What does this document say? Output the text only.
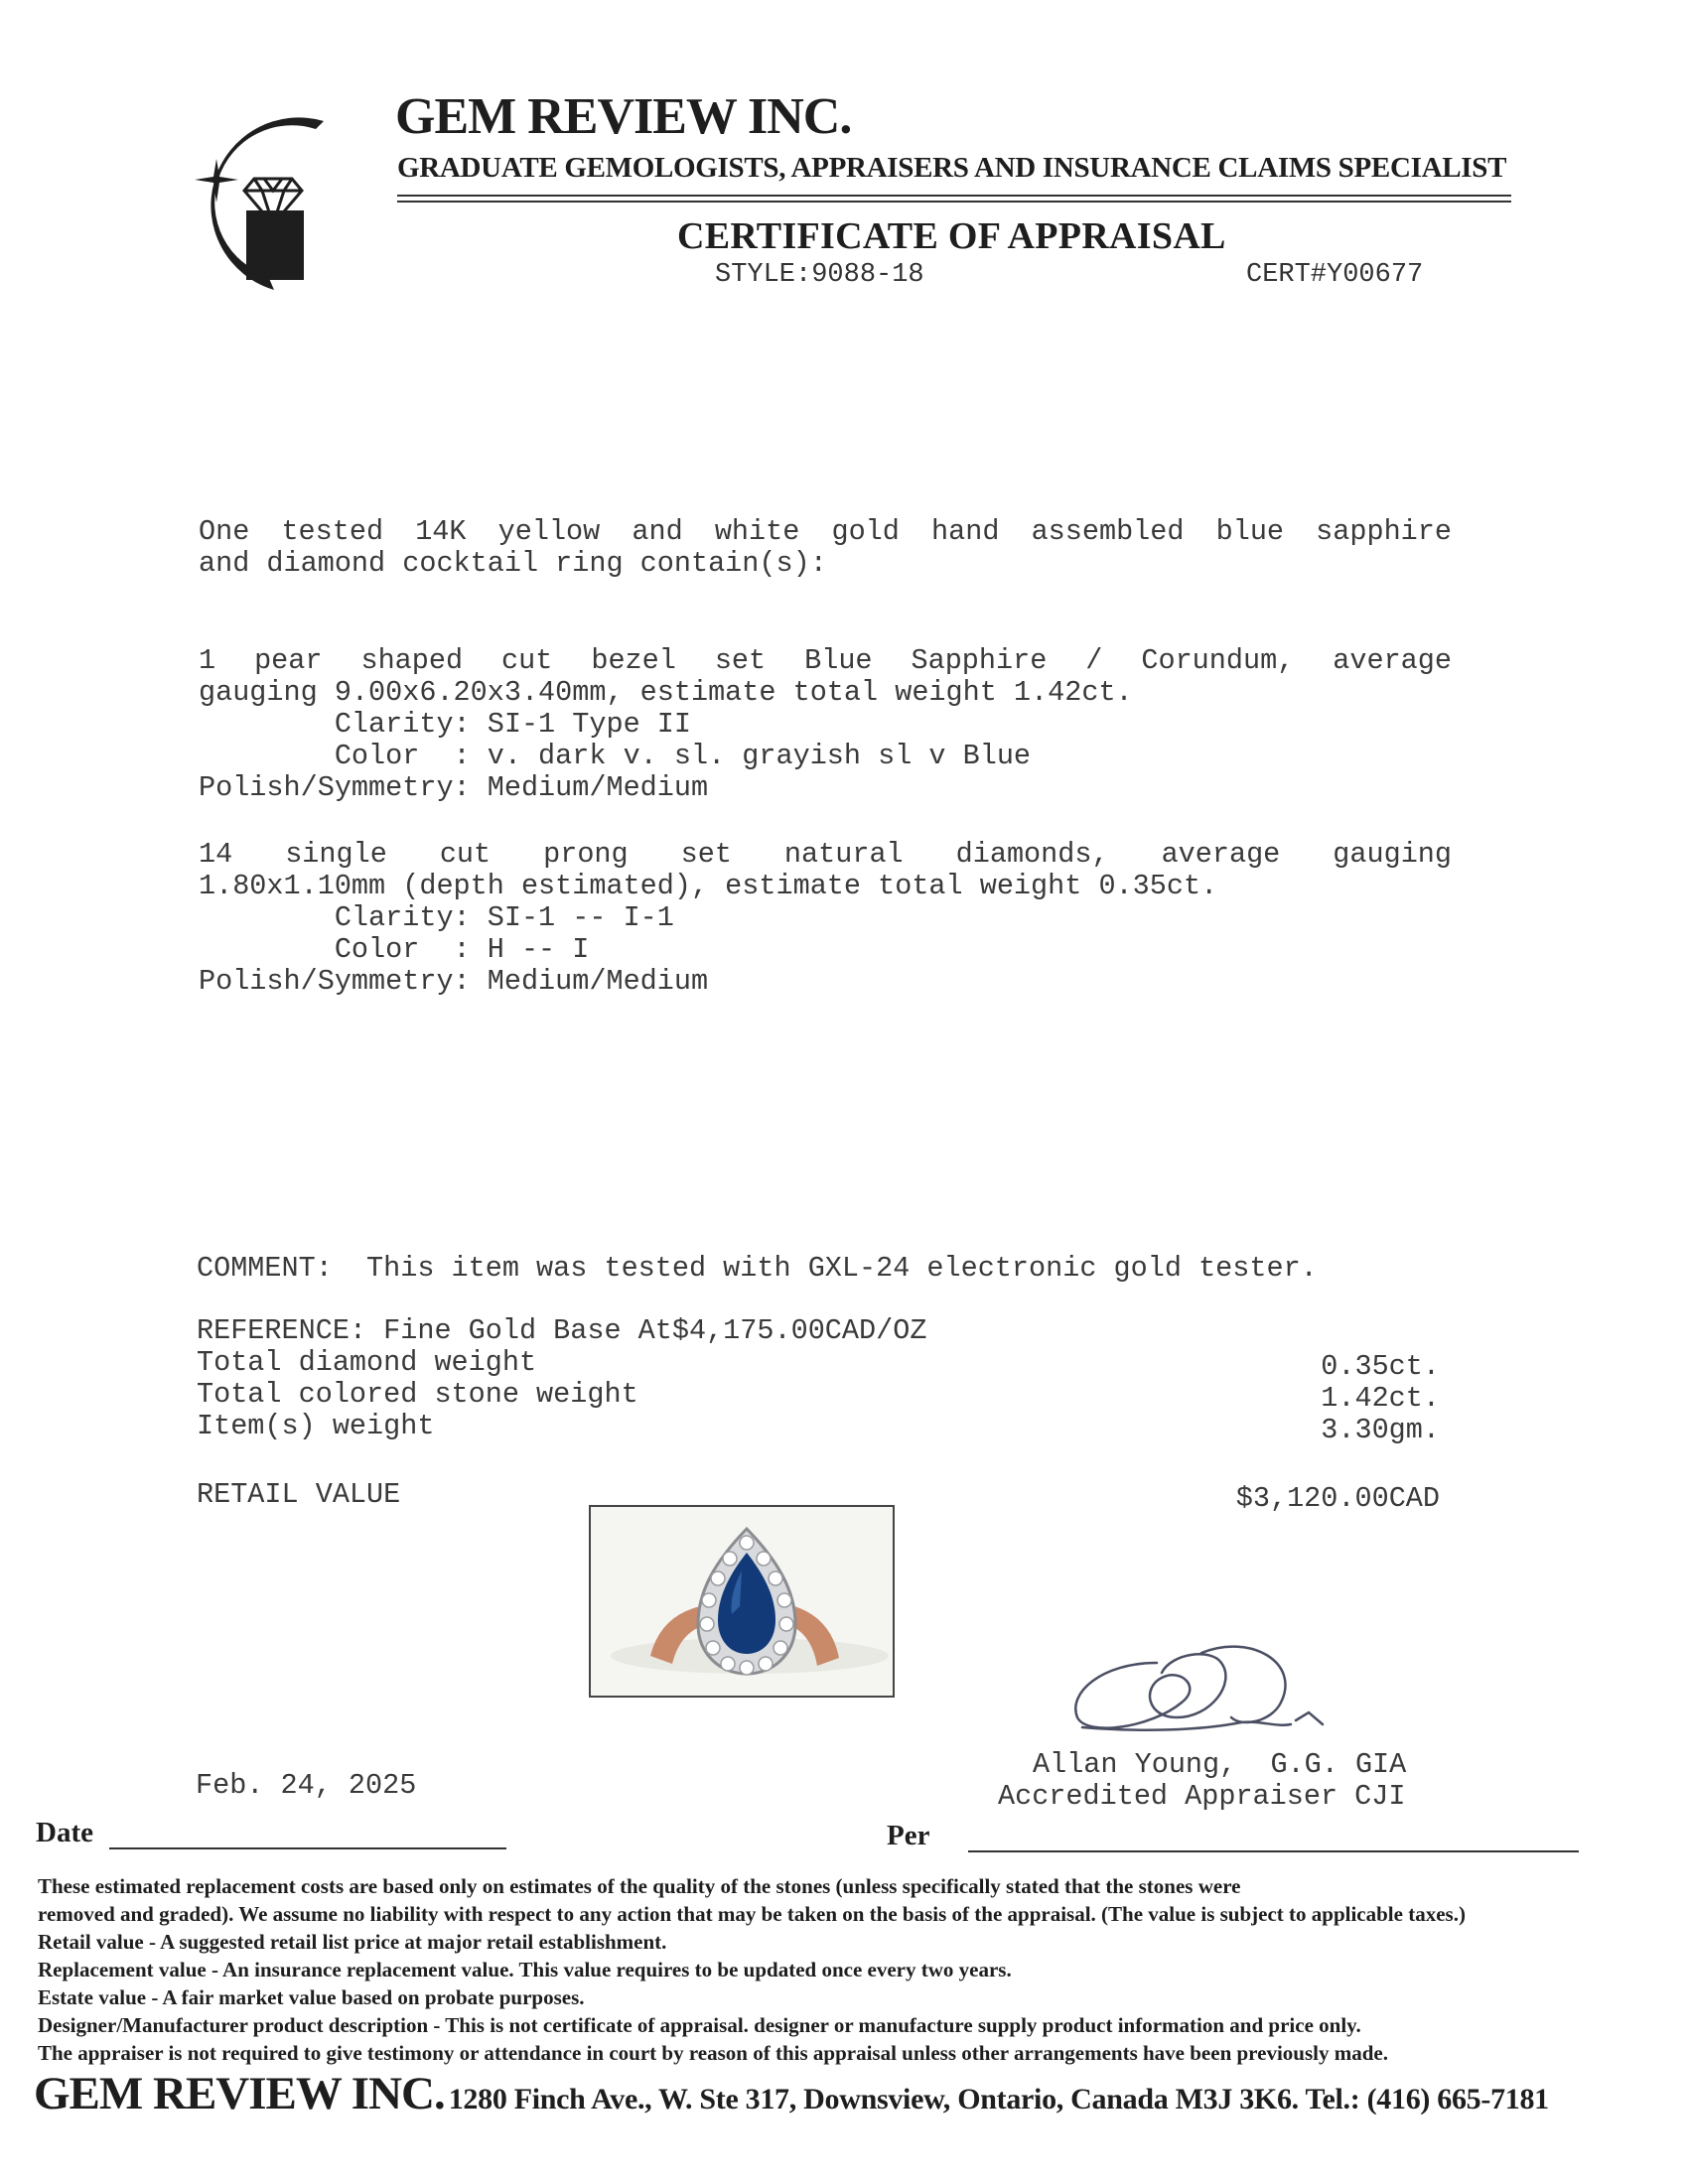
GEM REVIEW INC.
GRADUATE GEMOLOGISTS, APPRAISERS AND INSURANCE CLAIMS SPECIALIST
CERTIFICATE OF APPRAISAL
STYLE:9088-18	CERT#Y00677
One tested 14K yellow and white gold hand assembled blue sapphire
and diamond cocktail ring contain(s):
1 pear shaped cut bezel set Blue Sapphire / Corundum, average
gauging 9.00x6.20x3.40mm, estimate total weight 1.42ct.
Clarity: SI-1 Type II
Color  : v. dark v. sl. grayish sl v Blue
Polish/Symmetry: Medium/Medium
14 single cut prong set natural diamonds, average gauging
1.80x1.10mm (depth estimated), estimate total weight 0.35ct.
Clarity: SI-1 -- I-1
Color  : H -- I
Polish/Symmetry: Medium/Medium
COMMENT:  This item was tested with GXL-24 electronic gold tester.
REFERENCE: Fine Gold Base At$4,175.00CAD/OZ
Total diamond weight	0.35ct.
Total colored stone weight	1.42ct.
Item(s) weight	3.30gm.
RETAIL VALUE	$3,120.00CAD
Allan Young,  G.G. GIA
Accredited Appraiser CJI
Feb. 24, 2025
Date	Per
These estimated replacement costs are based only on estimates of the quality of the stones (unless specifically stated that the stones were
removed and graded). We assume no liability with respect to any action that may be taken on the basis of the appraisal. (The value is subject to applicable taxes.)
Retail value - A suggested retail list price at major retail establishment.
Replacement value - An insurance replacement value. This value requires to be updated once every two years.
Estate value - A fair market value based on probate purposes.
Designer/Manufacturer product description - This is not certificate of appraisal. designer or manufacture supply product information and price only.
The appraiser is not required to give testimony or attendance in court by reason of this appraisal unless other arrangements have been previously made.
GEM REVIEW INC. 1280 Finch Ave., W. Ste 317, Downsview, Ontario, Canada M3J 3K6. Tel.: (416) 665-7181
